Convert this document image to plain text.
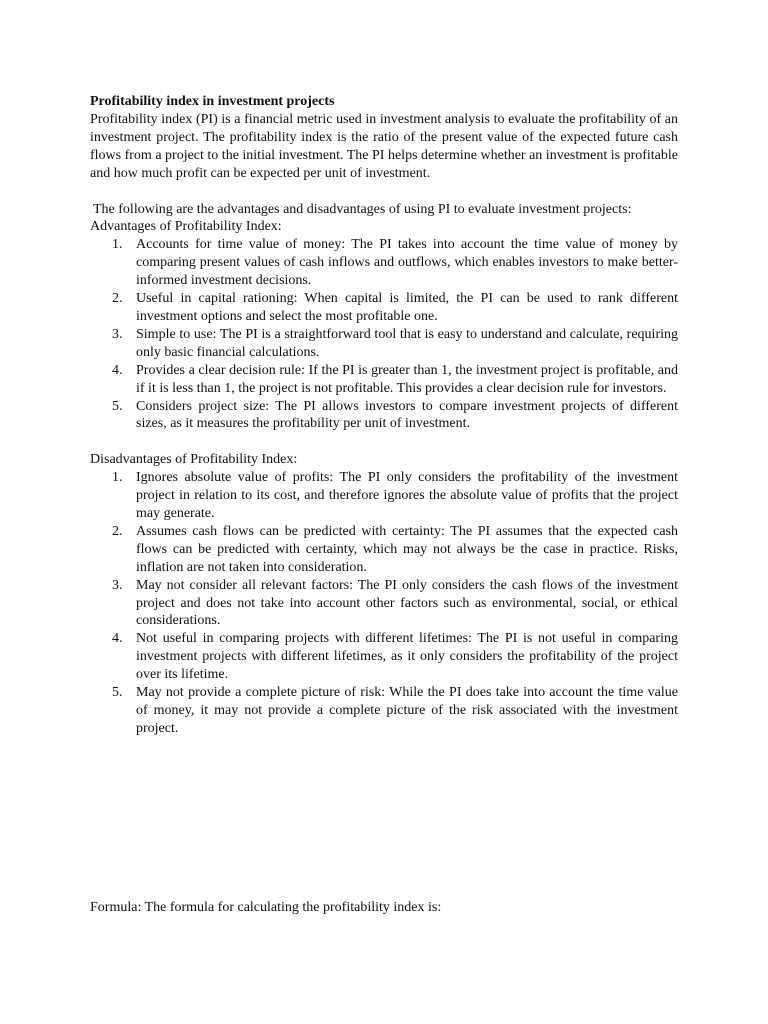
Profitability index in investment projects

Profitability index (PI) is a financial metric used in investment analysis to evaluate the profitability of an investment project. The profitability index is the ratio of the present value of the expected future cash flows from a project to the initial investment. The PI helps determine whether an investment is profitable and how much profit can be expected per unit of investment.

The following are the advantages and disadvantages of using PI to evaluate investment projects:

Advantages of Profitability Index:

1. Accounts for time value of money: The PI takes into account the time value of money by comparing present values of cash inflows and outflows, which enables investors to make better-informed investment decisions.
2. Useful in capital rationing: When capital is limited, the PI can be used to rank different investment options and select the most profitable one.
3. Simple to use: The PI is a straightforward tool that is easy to understand and calculate, requiring only basic financial calculations.
4. Provides a clear decision rule: If the PI is greater than 1, the investment project is profitable, and if it is less than 1, the project is not profitable. This provides a clear decision rule for investors.
5. Considers project size: The PI allows investors to compare investment projects of different sizes, as it measures the profitability per unit of investment.

Disadvantages of Profitability Index:

1. Ignores absolute value of profits: The PI only considers the profitability of the investment project in relation to its cost, and therefore ignores the absolute value of profits that the project may generate.
2. Assumes cash flows can be predicted with certainty: The PI assumes that the expected cash flows can be predicted with certainty, which may not always be the case in practice. Risks, inflation are not taken into consideration.
3. May not consider all relevant factors: The PI only considers the cash flows of the investment project and does not take into account other factors such as environmental, social, or ethical considerations.
4. Not useful in comparing projects with different lifetimes: The PI is not useful in comparing investment projects with different lifetimes, as it only considers the profitability of the project over its lifetime.
5. May not provide a complete picture of risk: While the PI does take into account the time value of money, it may not provide a complete picture of the risk associated with the investment project.

Formula: The formula for calculating the profitability index is:
